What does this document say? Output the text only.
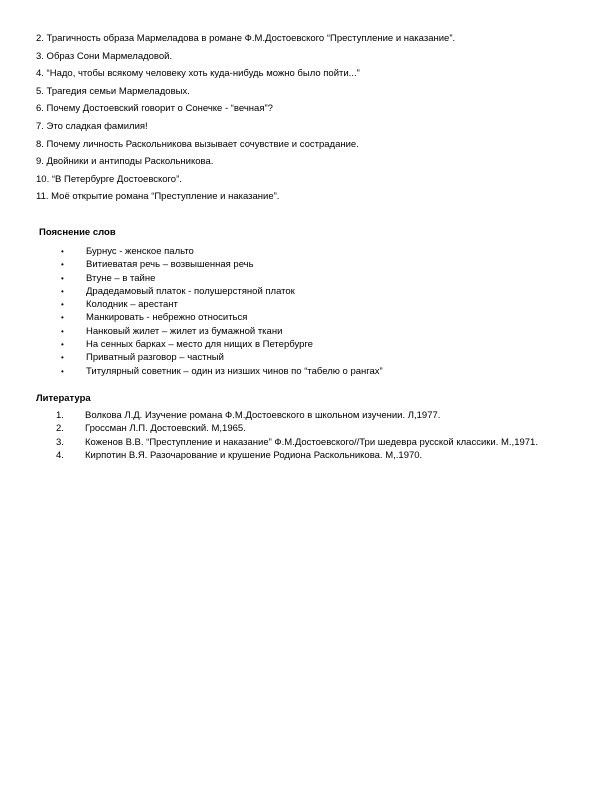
2. Трагичность образа Мармеладова в романе Ф.М.Достоевского “Преступление и наказание”.
3. Образ Сони Мармеладовой.
4. “Надо, чтобы всякому человеку хоть куда-нибудь можно было пойти...”
5. Трагедия семьи Мармеладовых.
6. Почему Достоевский говорит о Сонечке - “вечная”?
7. Это сладкая фамилия!
8. Почему личность Раскольникова вызывает сочувствие и сострадание.
9. Двойники и антиподы Раскольникова.
10. “В Петербурге Достоевского”.
11. Моё открытие романа “Преступление и наказание”.
Пояснение слов
• Бурнус - женское пальто
• Витиеватая речь – возвышенная речь
• Втуне – в тайне
• Драдедамовый платок - полушерстяной платок
• Колодник – арестант
• Манкировать - небрежно относиться
• Нанковый жилет – жилет из бумажной ткани
• На сенных барках – место для нищих в Петербурге
• Приватный разговор – частный
• Титулярный советник – один из низших чинов по “табелю о рангах”
Литература
1. Волкова Л.Д. Изучение романа Ф.М.Достоевского в школьном изучении. Л,1977.
2. Гроссман Л.П. Достоевский. М,1965.
3. Коженов В.В. “Преступление и наказание” Ф.М.Достоевского//Три шедевра русской классики. М.,1971.
4. Кирпотин В.Я. Разочарование и крушение Родиона Раскольникова. М,.1970.
